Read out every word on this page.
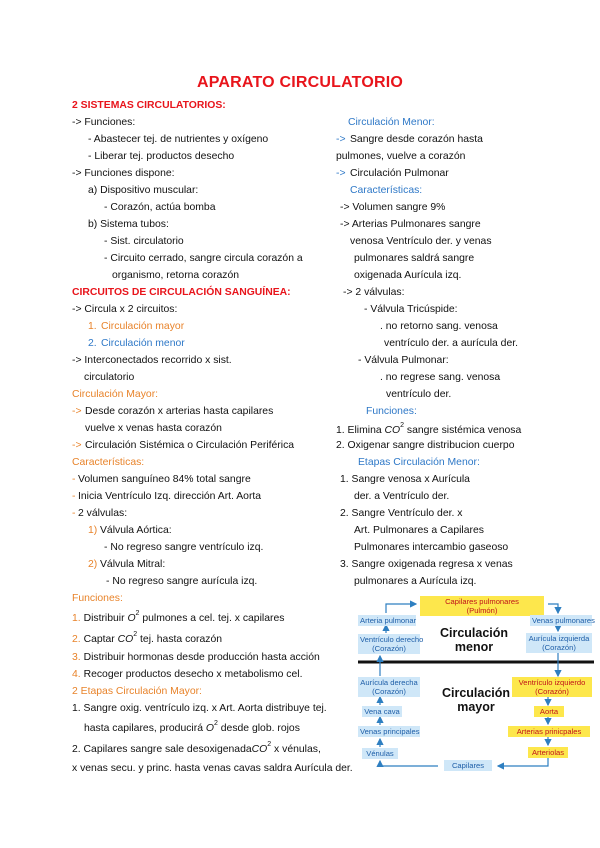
APARATO CIRCULATORIO
2 SISTEMAS CIRCULATORIOS:
-> Funciones:
- Abastecer tej. de nutrientes y oxígeno
- Liberar tej. productos desecho
-> Funciones dispone:
a) Dispositivo muscular:
- Corazón, actúa bomba
b) Sistema tubos:
- Sist. circulatorio
- Circuito cerrado, sangre circula corazón a
organismo, retorna corazón
CIRCUITOS DE CIRCULACIÓN SANGUÍNEA:
-> Circula x 2 circuitos:
1. Circulación mayor
2. Circulación menor
-> Interconectados recorrido x sist.
circulatorio
Circulación Mayor:
-> Desde corazón x arterias hasta capilares
vuelve x venas hasta corazón
-> Circulación Sistémica o Circulación Periférica
Características:
- Volumen sanguíneo 84% total sangre
- Inicia Ventrículo Izq. dirección Art. Aorta
- 2 válvulas:
1) Válvula Aórtica:
- No regreso sangre ventrículo izq.
2) Válvula Mitral:
- No regreso sangre aurícula izq.
Funciones:
1. Distribuir $O^2$ pulmones a cel. tej. x capilares
2. Captar $CO^2$ tej. hasta corazón
3. Distribuir hormonas desde producción hasta acción
4. Recoger productos desecho x metabolismo cel.
2 Etapas Circulación Mayor:
1. Sangre oxig. ventrículo izq. x Art. Aorta distribuye tej.
hasta capilares, producirá $O^2$ desde glob. rojos
2. Capilares sangre sale desoxigenadaCO$^2$ x vénulas,
x venas secu. y princ. hasta venas cavas saldra Aurícula der.
Circulación Menor:
-> Sangre desde corazón hasta
pulmones, vuelve a corazón
-> Circulación Pulmonar
Características:
-> Volumen sangre 9%
-> Arterias Pulmonares sangre
venosa Ventrículo der. y venas
pulmonares saldrá sangre
oxigenada Aurícula izq.
-> 2 válvulas:
- Válvula Tricúspide:
. no retorno sang. venosa
ventrículo der. a aurícula der.
- Válvula Pulmonar:
. no regrese sang. venosa
ventrículo der.
Funciones:
1. Elimina $CO^2$ sangre sistémica venosa
2. Oxigenar sangre distribucion cuerpo
Etapas Circulación Menor:
1. Sangre venosa x Aurícula
der. a Ventrículo der.
2. Sangre Ventrículo der. x
Art. Pulmonares a Capilares
Pulmonares intercambio gaseoso
3. Sangre oxigenada regresa x venas
pulmonares a Aurícula izq.
Capilares pulmonares
(Pulmón)
Arteria pulmonar	Venas pulmonares
Ventrículo derecho
(Corazón)
Aurícula izquierda
(Corazón)
Circulación
menor
Aurícula derecha
(Corazón)
Ventrículo izquierdo
(Corazón)
Circulación
mayor
Vena cava	Aorta
Venas principales	Arterias prinicpales
Vénulas	Arteriolas
Capilares
